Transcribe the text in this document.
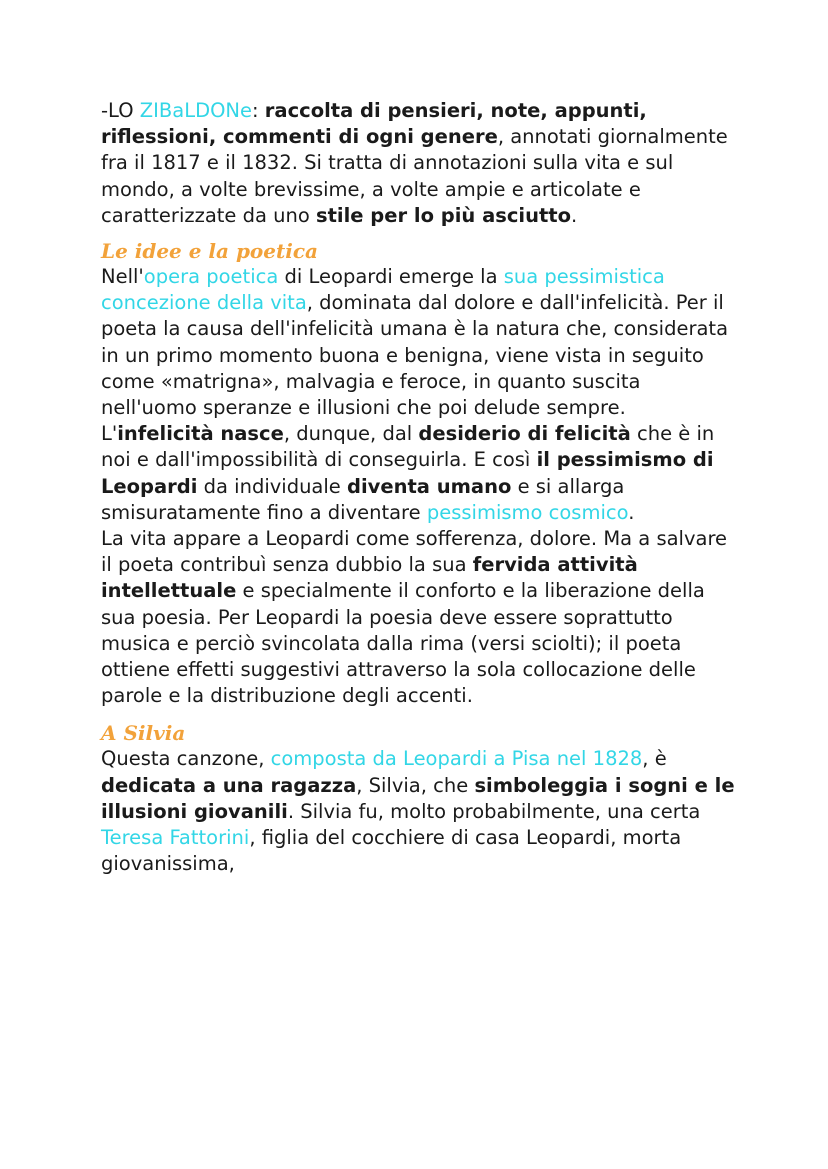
-LO ZIBaLDONe: raccolta di pensieri, note, appunti, riflessioni, commenti di ogni genere, annotati giornalmente fra il 1817 e il 1832. Si tratta di annotazioni sulla vita e sul mondo, a volte brevissime, a volte ampie e articolate e caratterizzate da uno stile per lo più asciutto.

Le idee e la poetica

Nell'opera poetica di Leopardi emerge la sua pessimistica concezione della vita, dominata dal dolore e dall'infelicità. Per il poeta la causa dell'infelicità umana è la natura che, considerata in un primo momento buona e benigna, viene vista in seguito come «matrigna», malvagia e feroce, in quanto suscita nell'uomo speranze e illusioni che poi delude sempre. L'infelicità nasce, dunque, dal desiderio di felicità che è in noi e dall'impossibilità di conseguirla. E così il pessimismo di Leopardi da individuale diventa umano e si allarga smisuratamente fino a diventare pessimismo cosmico.

La vita appare a Leopardi come sofferenza, dolore. Ma a salvare il poeta contribuì senza dubbio la sua fervida attività intellettuale e specialmente il conforto e la liberazione della sua poesia. Per Leopardi la poesia deve essere soprattutto musica e perciò svincolata dalla rima (versi sciolti); il poeta ottiene effetti suggestivi attraverso la sola collocazione delle parole e la distribuzione degli accenti.

A Silvia

Questa canzone, composta da Leopardi a Pisa nel 1828, è dedicata a una ragazza, Silvia, che simboleggia i sogni e le illusioni giovanili. Silvia fu, molto probabilmente, una certa Teresa Fattorini, figlia del cocchiere di casa Leopardi, morta giovanissima,
